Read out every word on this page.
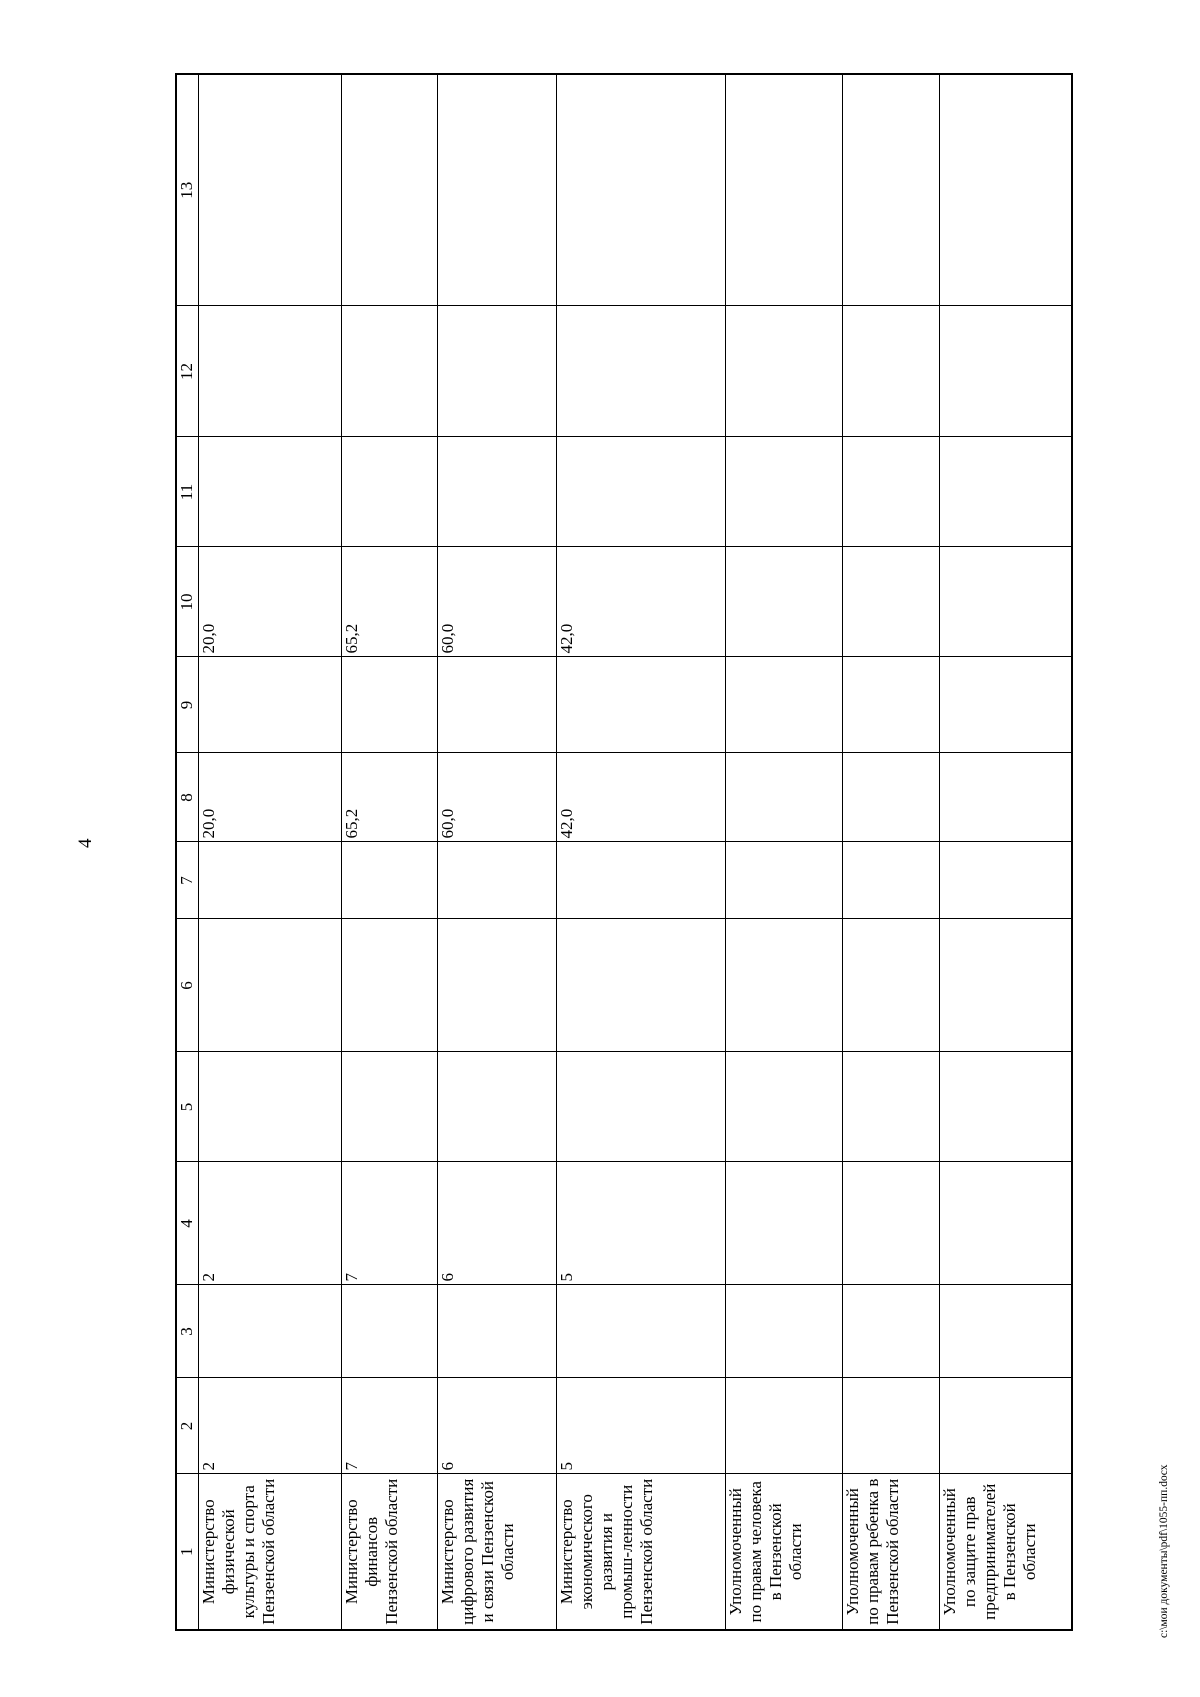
4
1	2	3	4	5	6	7	8	9	10	11	12	13
Министерство физической культуры и спорта Пензенской области	2		2				20,0		20,0			
Министерство финансов Пензенской области	7		7				65,2		65,2			
Министерство цифрового развития и связи Пензенской области	6		6				60,0		60,0			
Министерство экономического развития и промыш-ленности Пензенской области	5		5				42,0		42,0			
Уполномоченный по правам человека в Пензенской области												
Уполномоченный по правам ребенка в Пензенской области												
Уполномоченный по защите прав предпринимателей в Пензенской области													c:\мои документы\pdf\1055-пп.docx
